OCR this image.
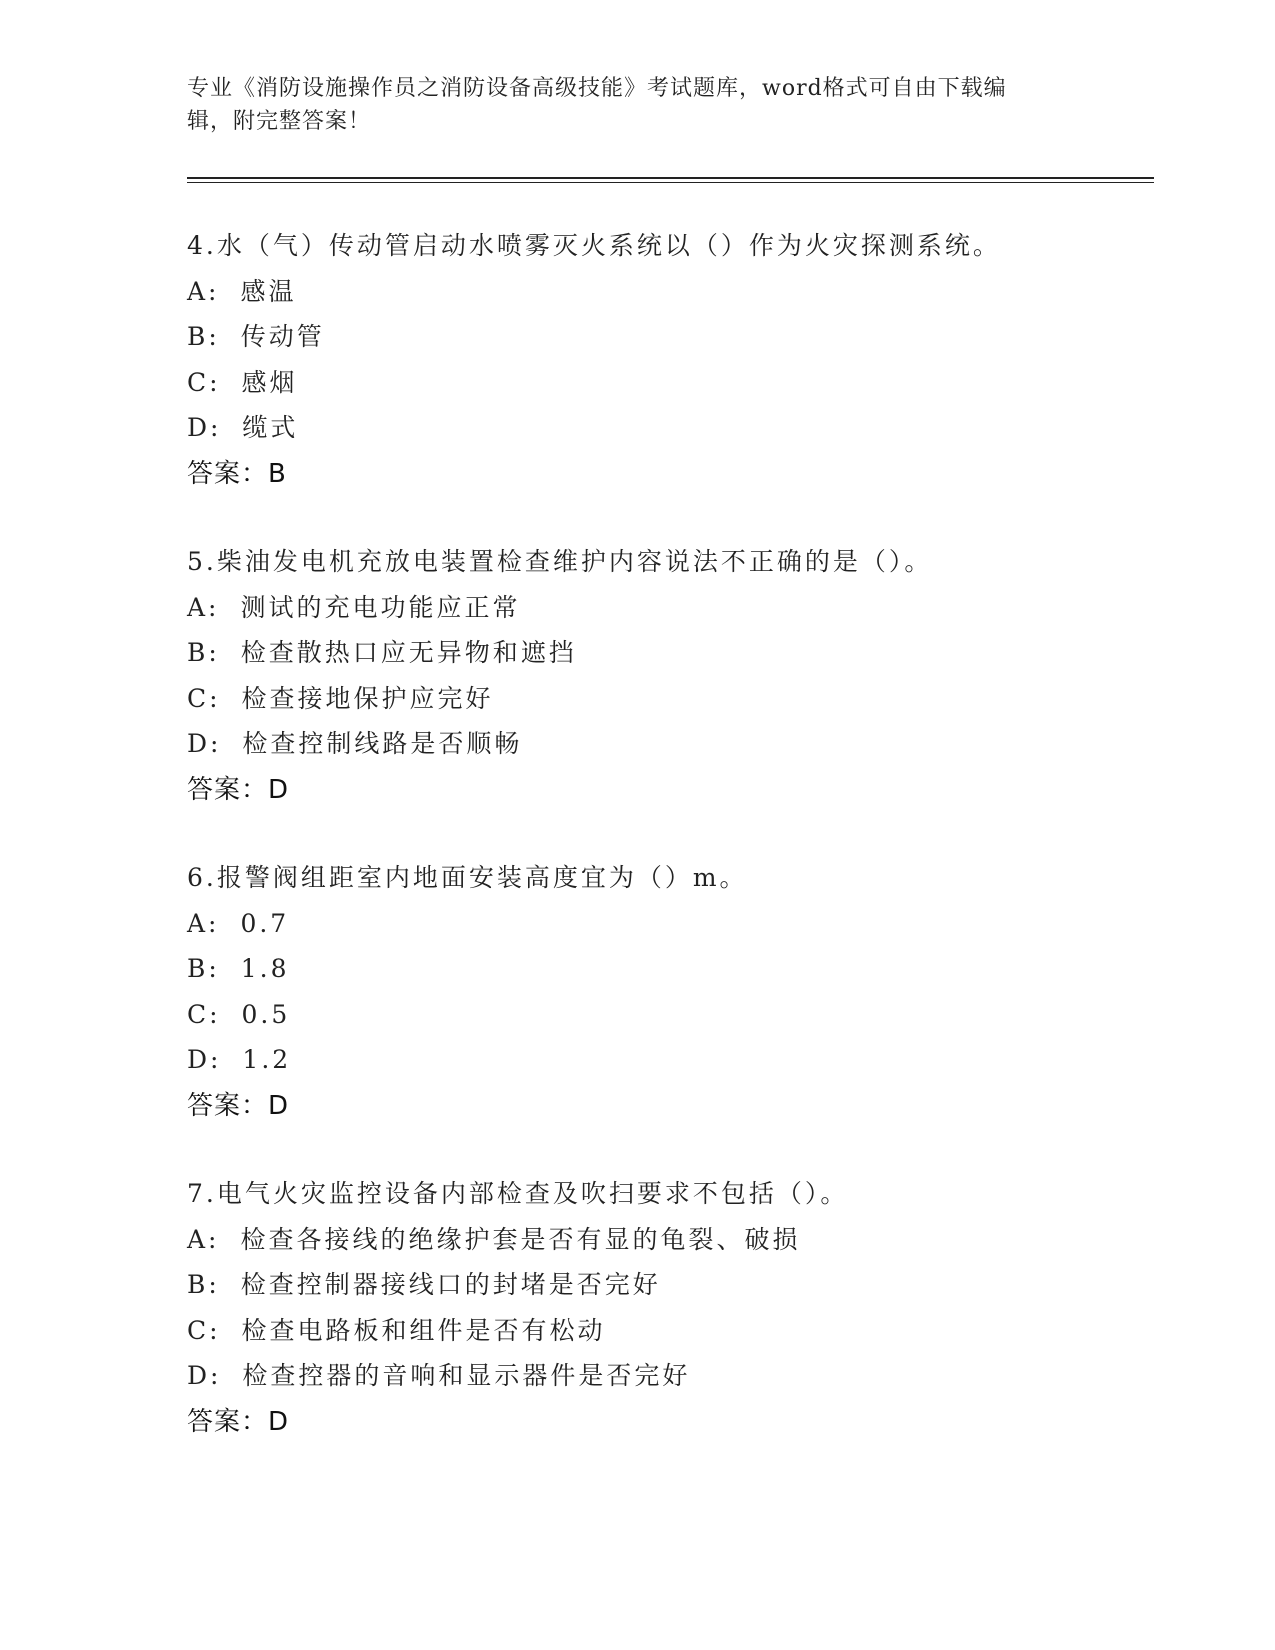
专业《消防设施操作员之消防设备高级技能》考试题库，word格式可自由下载编
辑，附完整答案！
4.水（气）传动管启动水喷雾灭火系统以（）作为火灾探测系统。
A: 感温
B: 传动管
C: 感烟
D: 缆式
答案：B
5.柴油发电机充放电装置检查维护内容说法不正确的是（）。
A: 测试的充电功能应正常
B: 检查散热口应无异物和遮挡
C: 检查接地保护应完好
D: 检查控制线路是否顺畅
答案：D
6.报警阀组距室内地面安装高度宜为（）m。
A: 0.7
B: 1.8
C: 0.5
D: 1.2
答案：D
7.电气火灾监控设备内部检查及吹扫要求不包括（）。
A: 检查各接线的绝缘护套是否有显的龟裂、破损
B: 检查控制器接线口的封堵是否完好
C: 检查电路板和组件是否有松动
D: 检查控器的音响和显示器件是否完好
答案：D
